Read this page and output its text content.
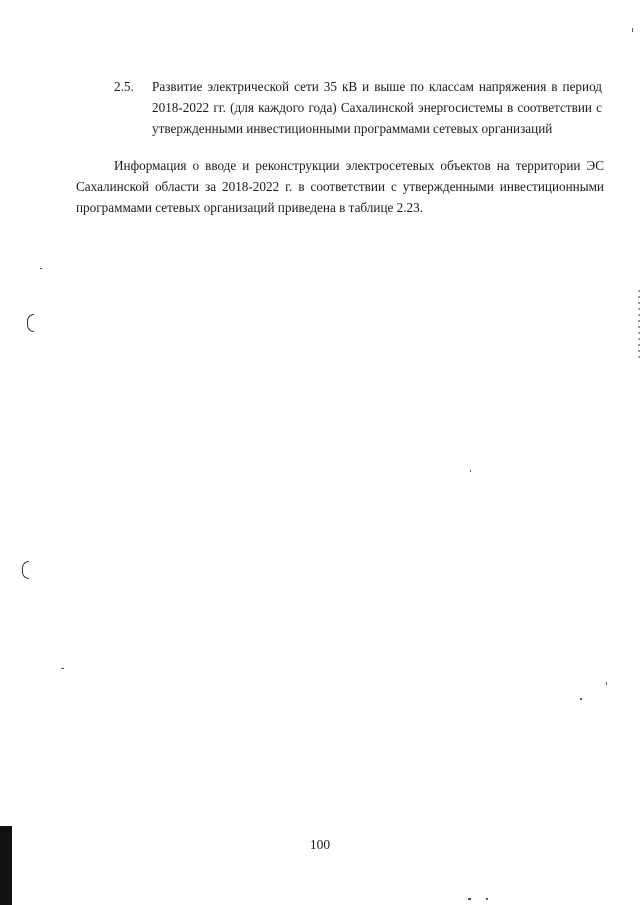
2.5. Развитие электрической сети 35 кВ и выше по классам напряжения в период 2018-2022 гг. (для каждого года) Сахалинской энергосистемы в соответствии с утвержденными инвестиционными программами сетевых организаций

Информация о вводе и реконструкции электросетевых объектов на территории ЭС Сахалинской области за 2018-2022 г. в соответствии с утвержденными инвестиционными программами сетевых организаций приведена в таблице 2.23.

100
